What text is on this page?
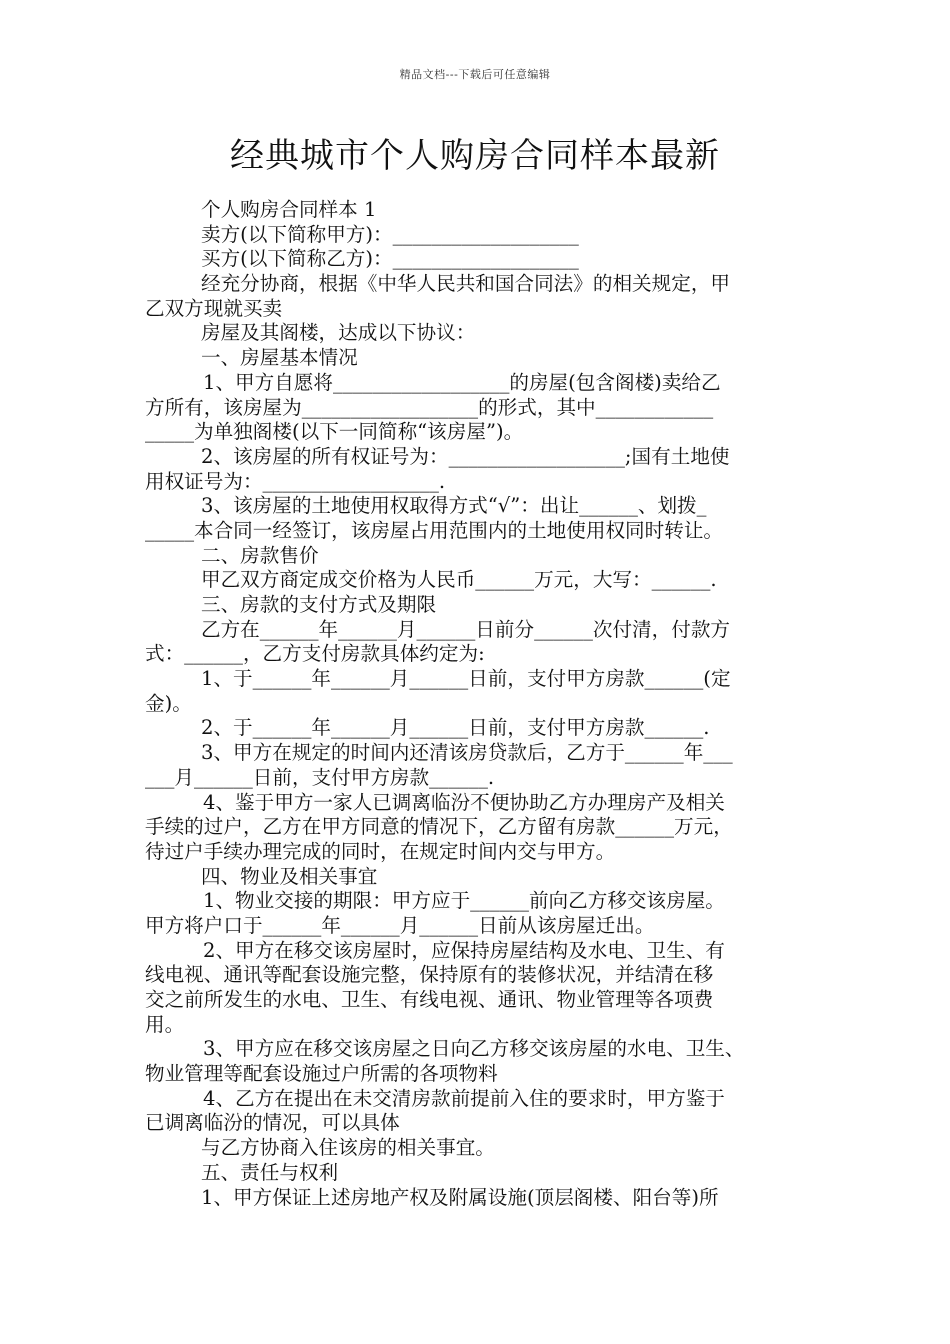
精品文档---下载后可任意编辑
经典城市个人购房合同样本最新
个人购房合同样本 1
卖方(以下简称甲方)：___________________
买方(以下简称乙方)：___________________
经充分协商，根据《中华人民共和国合同法》的相关规定，甲
乙双方现就买卖
房屋及其阁楼，达成以下协议：
一、房屋基本情况
1、甲方自愿将__________________的房屋(包含阁楼)卖给乙
方所有，该房屋为__________________的形式，其中____________
_____为单独阁楼(以下一同简称“该房屋”)。
2、该房屋的所有权证号为：__________________;国有土地使
用权证号为：__________________.
3、该房屋的土地使用权取得方式“√”：出让______、划拨_
_____本合同一经签订，该房屋占用范围内的土地使用权同时转让。
二、房款售价
甲乙双方商定成交价格为人民币______万元，大写：______.
三、房款的支付方式及期限
乙方在______年______月______日前分______次付清，付款方
式：______，乙方支付房款具体约定为:
1、于______年______月______日前，支付甲方房款______(定
金)。
2、于______年______月______日前，支付甲方房款______.
3、甲方在规定的时间内还清该房贷款后，乙方于______年___
___月______日前，支付甲方房款______.
4、鉴于甲方一家人已调离临汾不便协助乙方办理房产及相关
手续的过户，乙方在甲方同意的情况下，乙方留有房款______万元，
待过户手续办理完成的同时，在规定时间内交与甲方。
四、物业及相关事宜
1、物业交接的期限：甲方应于______前向乙方移交该房屋。
甲方将户口于______年______月______日前从该房屋迁出。
2、甲方在移交该房屋时，应保持房屋结构及水电、卫生、有
线电视、通讯等配套设施完整，保持原有的装修状况，并结清在移
交之前所发生的水电、卫生、有线电视、通讯、物业管理等各项费
用。
3、甲方应在移交该房屋之日向乙方移交该房屋的水电、卫生、
物业管理等配套设施过户所需的各项物料
4、乙方在提出在未交清房款前提前入住的要求时，甲方鉴于
已调离临汾的情况，可以具体
与乙方协商入住该房的相关事宜。
五、责任与权利
1、甲方保证上述房地产权及附属设施(顶层阁楼、阳台等)所
